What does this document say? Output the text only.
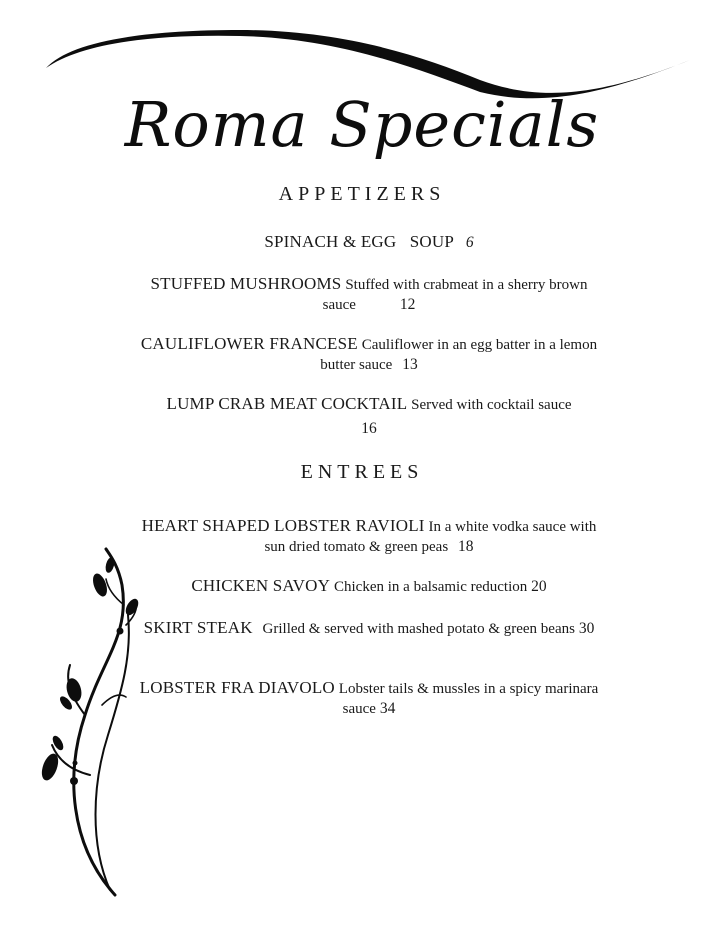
Roma Specials
APPETIZERS
SPINACH & EGG   SOUP 6
STUFFED MUSHROOMS Stuffed with crabmeat in a sherry brown sauce	12
CAULIFLOWER FRANCESE Cauliflower in an egg batter in a lemon butter sauce 13
LUMP CRAB MEAT COCKTAIL Served with cocktail sauce
16
ENTREES
HEART SHAPED LOBSTER RAVIOLI In a white vodka sauce with sun dried tomato & green peas 18
CHICKEN SAVOY Chicken in a balsamic reduction 20
SKIRT STEAK Grilled & served with mashed potato & green beans 30
LOBSTER FRA DIAVOLO Lobster tails & mussles in a spicy marinara sauce 34
